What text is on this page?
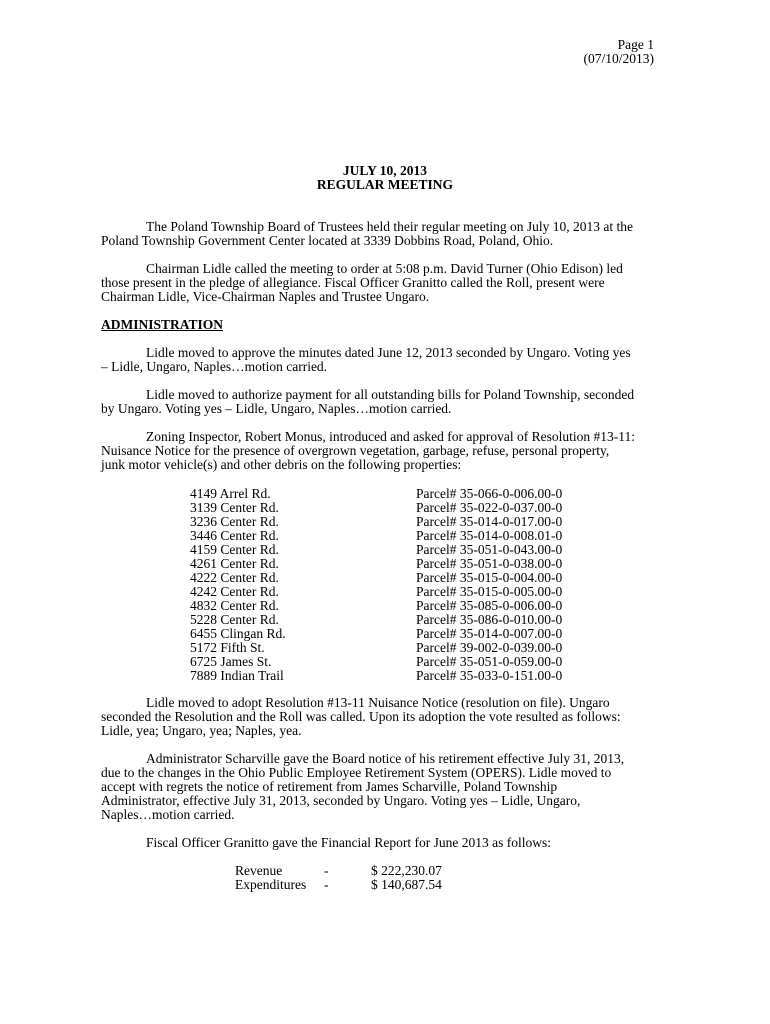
Page 1
(07/10/2013)
JULY 10, 2013
REGULAR MEETING
The Poland Township Board of Trustees held their regular meeting on July 10, 2013 at the
Poland Township Government Center located at 3339 Dobbins Road, Poland, Ohio.
Chairman Lidle called the meeting to order at 5:08 p.m. David Turner (Ohio Edison) led
those present in the pledge of allegiance. Fiscal Officer Granitto called the Roll, present were
Chairman Lidle, Vice-Chairman Naples and Trustee Ungaro.
ADMINISTRATION
Lidle moved to approve the minutes dated June 12, 2013 seconded by Ungaro. Voting yes
– Lidle, Ungaro, Naples…motion carried.
Lidle moved to authorize payment for all outstanding bills for Poland Township, seconded
by Ungaro. Voting yes – Lidle, Ungaro, Naples…motion carried.
Zoning Inspector, Robert Monus, introduced and asked for approval of Resolution #13-11:
Nuisance Notice for the presence of overgrown vegetation, garbage, refuse, personal property,
junk motor vehicle(s) and other debris on the following properties:
4149 Arrel Rd.	Parcel# 35-066-0-006.00-0
3139 Center Rd.	Parcel# 35-022-0-037.00-0
3236 Center Rd.	Parcel# 35-014-0-017.00-0
3446 Center Rd.	Parcel# 35-014-0-008.01-0
4159 Center Rd.	Parcel# 35-051-0-043.00-0
4261 Center Rd.	Parcel# 35-051-0-038.00-0
4222 Center Rd.	Parcel# 35-015-0-004.00-0
4242 Center Rd.	Parcel# 35-015-0-005.00-0
4832 Center Rd.	Parcel# 35-085-0-006.00-0
5228 Center Rd.	Parcel# 35-086-0-010.00-0
6455 Clingan Rd.	Parcel# 35-014-0-007.00-0
5172 Fifth St.	Parcel# 39-002-0-039.00-0
6725 James St.	Parcel# 35-051-0-059.00-0
7889 Indian Trail	Parcel# 35-033-0-151.00-0
Lidle moved to adopt Resolution #13-11 Nuisance Notice (resolution on file). Ungaro
seconded the Resolution and the Roll was called. Upon its adoption the vote resulted as follows:
Lidle, yea; Ungaro, yea; Naples, yea.
Administrator Scharville gave the Board notice of his retirement effective July 31, 2013,
due to the changes in the Ohio Public Employee Retirement System (OPERS). Lidle moved to
accept with regrets the notice of retirement from James Scharville, Poland Township
Administrator, effective July 31, 2013, seconded by Ungaro. Voting yes – Lidle, Ungaro,
Naples…motion carried.
Fiscal Officer Granitto gave the Financial Report for June 2013 as follows:
Revenue	-	$ 222,230.07
Expenditures -	$ 140,687.54
